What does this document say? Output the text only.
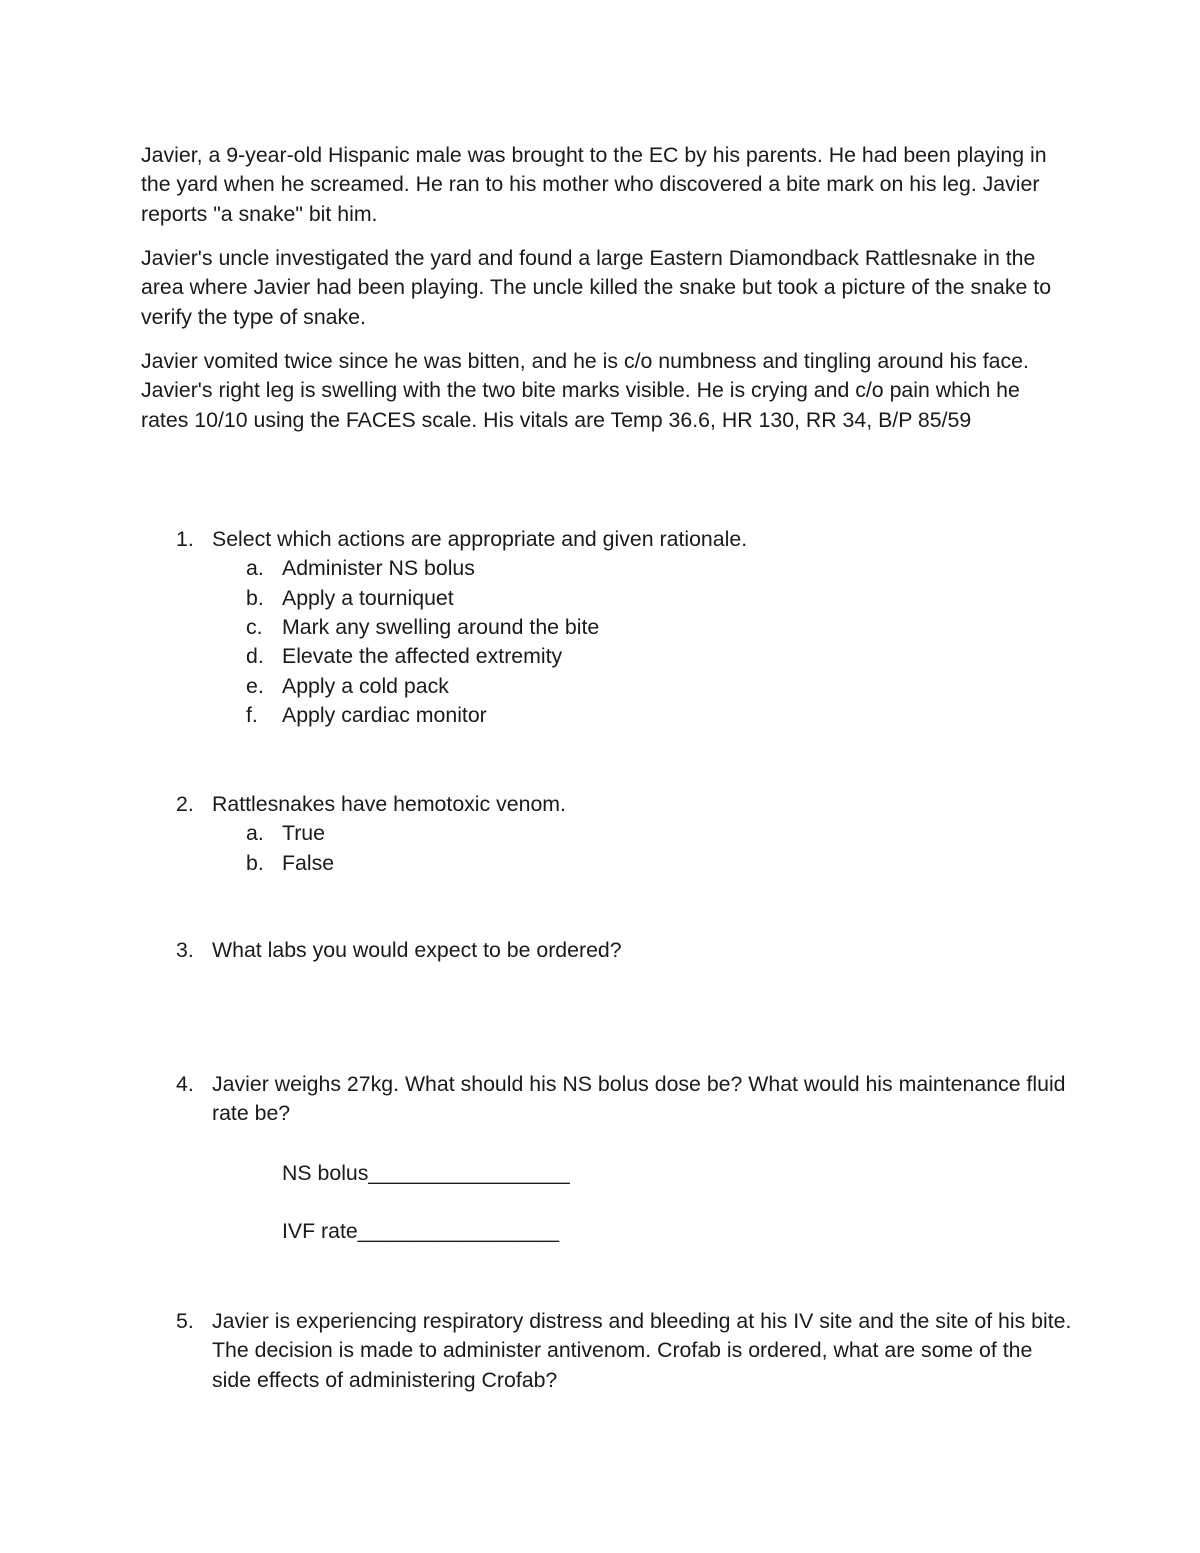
Javier, a 9-year-old Hispanic male was brought to the EC by his parents. He had been playing in the yard when he screamed. He ran to his mother who discovered a bite mark on his leg. Javier reports "a snake" bit him.

Javier's uncle investigated the yard and found a large Eastern Diamondback Rattlesnake in the area where Javier had been playing. The uncle killed the snake but took a picture of the snake to verify the type of snake.

Javier vomited twice since he was bitten, and he is c/o numbness and tingling around his face. Javier's right leg is swelling with the two bite marks visible. He is crying and c/o pain which he rates 10/10 using the FACES scale. His vitals are Temp 36.6, HR 130, RR 34, B/P 85/59

1. Select which actions are appropriate and given rationale.
a. Administer NS bolus
b. Apply a tourniquet
c. Mark any swelling around the bite
d. Elevate the affected extremity
e. Apply a cold pack
f. Apply cardiac monitor
2. Rattlesnakes have hemotoxic venom.
a. True
b. False
3. What labs you would expect to be ordered?
4. Javier weighs 27kg. What should his NS bolus dose be? What would his maintenance fluid rate be?
NS bolus_________________
IVF rate_________________
5. Javier is experiencing respiratory distress and bleeding at his IV site and the site of his bite. The decision is made to administer antivenom. Crofab is ordered, what are some of the side effects of administering Crofab?
